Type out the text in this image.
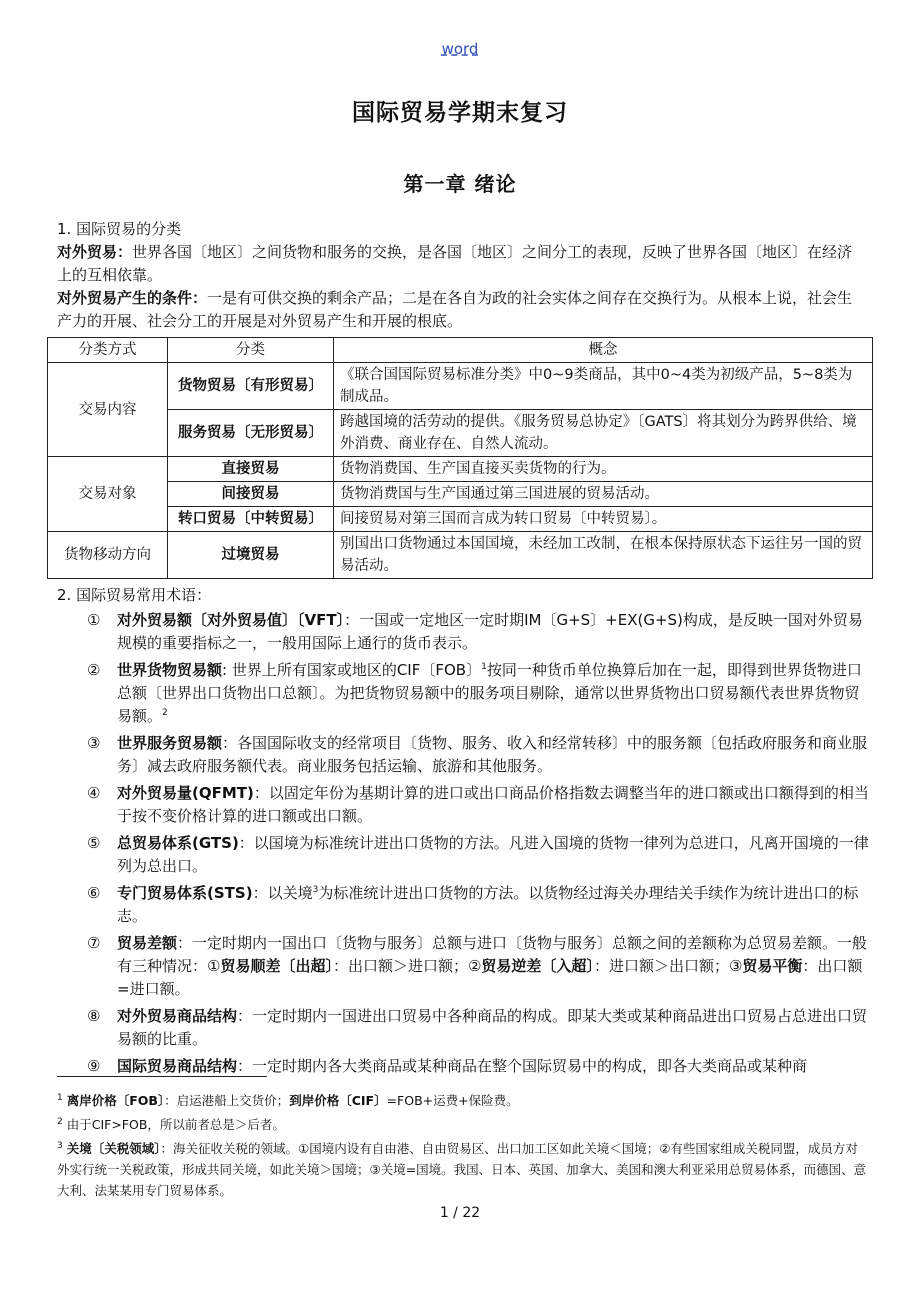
word
国际贸易学期末复习
第一章 绪论
1. 国际贸易的分类
对外贸易：世界各国〔地区〕之间货物和服务的交换，是各国〔地区〕之间分工的表现，反映了世界各国〔地区〕在经济上的互相依靠。
对外贸易产生的条件：一是有可供交换的剩余产品；二是在各自为政的社会实体之间存在交换行为。从根本上说，社会生产力的开展、社会分工的开展是对外贸易产生和开展的根底。
分类方式	分类	概念
交易内容	货物贸易〔有形贸易〕	《联合国国际贸易标准分类》中0~9类商品，其中0~4类为初级产品，5~8类为制成品。
	服务贸易〔无形贸易〕	跨越国境的活劳动的提供。《服务贸易总协定》〔GATS〕将其划分为跨界供给、境外消费、商业存在、自然人流动。
交易对象	直接贸易	货物消费国、生产国直接买卖货物的行为。
	间接贸易	货物消费国与生产国通过第三国进展的贸易活动。
	转口贸易〔中转贸易〕	间接贸易对第三国而言成为转口贸易〔中转贸易〕。
货物移动方向	过境贸易	别国出口货物通过本国国境，未经加工改制，在根本保持原状态下运往另一国的贸易活动。
2. 国际贸易常用术语：
① 对外贸易额〔对外贸易值〕〔VFT〕：一国或一定地区一定时期IM〔G+S〕+EX(G+S)构成，是反映一国对外贸易规模的重要指标之一，一般用国际上通行的货币表示。
② 世界货物贸易额: 世界上所有国家或地区的CIF〔FOB〕$^1$按同一种货币单位换算后加在一起，即得到世界货物进口总额〔世界出口货物出口总额〕。为把货物贸易额中的服务项目剔除，通常以世界货物出口贸易额代表世界货物贸易额。$^2$
③ 世界服务贸易额：各国国际收支的经常项目〔货物、服务、收入和经常转移〕中的服务额〔包括政府服务和商业服务〕减去政府服务额代表。商业服务包括运输、旅游和其他服务。
④ 对外贸易量(QFMT)：以固定年份为基期计算的进口或出口商品价格指数去调整当年的进口额或出口额得到的相当于按不变价格计算的进口额或出口额。
⑤ 总贸易体系(GTS)：以国境为标准统计进出口货物的方法。凡进入国境的货物一律列为总进口，凡离开国境的一律列为总出口。
⑥ 专门贸易体系(STS)：以关境$^3$为标准统计进出口货物的方法。以货物经过海关办理结关手续作为统计进出口的标志。
⑦ 贸易差额：一定时期内一国出口〔货物与服务〕总额与进口〔货物与服务〕总额之间的差额称为总贸易差额。一般有三种情况：①贸易顺差〔出超〕：出口额＞进口额；②贸易逆差〔入超〕：进口额＞出口额；③贸易平衡：出口额=进口额。
⑧ 对外贸易商品结构：一定时期内一国进出口贸易中各种商品的构成。即某大类或某种商品进出口贸易占总进出口贸易额的比重。
⑨ 国际贸易商品结构：一定时期内各大类商品或某种商品在整个国际贸易中的构成，即各大类商品或某种商
$^1$ 离岸价格〔FOB〕：启运港船上交货价；到岸价格〔CIF〕=FOB+运费+保险费。
$^2$ 由于CIF>FOB，所以前者总是＞后者。
$^3$ 关境〔关税领域〕：海关征收关税的领域。①国境内设有自由港、自由贸易区、出口加工区如此关境＜国境；②有些国家组成关税同盟，成员方对外实行统一关税政策，形成共同关境，如此关境＞国境；③关境=国境。我国、日本、英国、加拿大、美国和澳大利亚采用总贸易体系，而德国、意大利、法某某用专门贸易体系。
1 / 22
